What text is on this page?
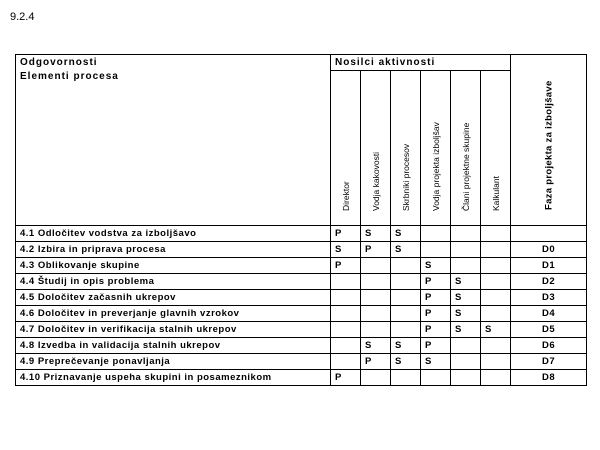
9.2.4
Odgovornosti	Nosilci aktivnosti						Faza projekta za izboljšave

Elementi procesa	Direktor	Vodja kakovosti	Skrbniki procesov	Vodja projekta izboljšav	Člani projektne skupine	Kalkulant	

4.1 Odločitev vodstva za izboljšavo	P	S	S				
4.2 Izbira in priprava procesa	S	P	S				D0
4.3 Oblikovanje skupine	P			S			D1
4.4 Študij in opis problema				P	S		D2
4.5 Določitev začasnih ukrepov				P	S		D3
4.6 Določitev in preverjanje glavnih vzrokov				P	S		D4
4.7 Določitev in verifikacija stalnih ukrepov				P	S	S	D5
4.8 Izvedba in validacija stalnih ukrepov		S	S	P			D6
4.9 Preprečevanje ponavljanja		P	S	S			D7
4.10 Priznavanje uspeha skupini in posameznikom	P						D8
